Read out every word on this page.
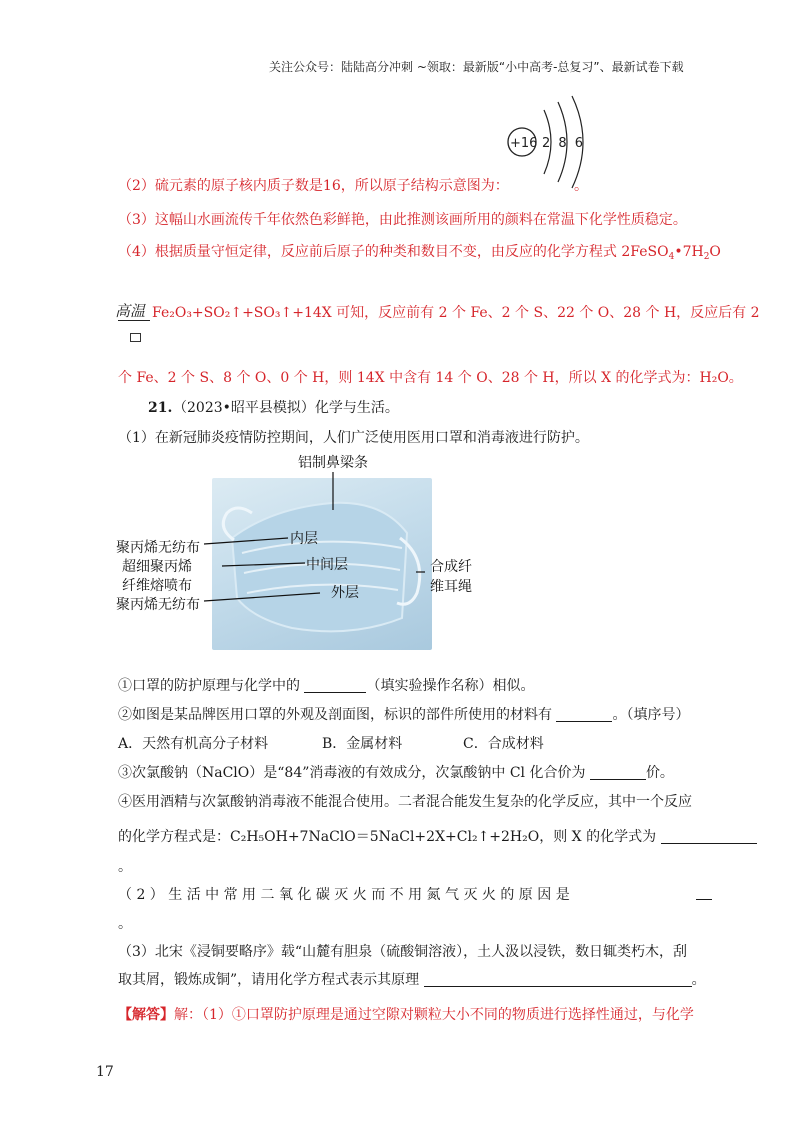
关注公众号：陆陆高分冲刺 ~领取：最新版“小中高考-总复习”、最新试卷下载
+16 2 8 6
（2）硫元素的原子核内质子数是16，所以原子结构示意图为：	。
（3）这幅山水画流传千年依然色彩鲜艳，由此推测该画所用的颜料在常温下化学性质稳定。
（4）根据质量守恒定律，反应前后原子的种类和数目不变，由反应的化学方程式 $2FeSO_4•7H_2O$
高温 Fe₂O₃+SO₂↑+SO₃↑+14X 可知，反应前有 2 个 Fe、2 个 S、22 个 O、28 个 H，反应后有 2
个 Fe、2 个 S、8 个 O、0 个 H，则 14X 中含有 14 个 O、28 个 H，所以 X 的化学式为：H₂O。
21. （2023•昭平县模拟）化学与生活。
（1）在新冠肺炎疫情防控期间，人们广泛使用医用口罩和消毒液进行防护。
铝制鼻梁条
内层
中间层
外层
聚丙烯无纺布
超细聚丙烯
纤维熔喷布
聚丙烯无纺布
合成纤
维耳绳
①口罩的防护原理与化学中的	（填实验操作名称）相似。
②如图是某品牌医用口罩的外观及剖面图，标识的部件所使用的材料有	。（填序号）
A．天然有机高分子材料	B．金属材料	C．合成材料
③次氯酸钠（NaClO）是“84”消毒液的有效成分，次氯酸钠中 Cl 化合价为	价。
④医用酒精与次氯酸钠消毒液不能混合使用。二者混合能发生复杂的化学反应，其中一个反应
的化学方程式是：C₂H₅OH+7NaClO＝5NaCl+2X+Cl₂↑+2H₂O，则 X 的化学式为
。
（ 2 ） 生 活 中 常 用 二 氧 化 碳 灭 火 而 不 用 氮 气 灭 火 的 原 因 是
。
（3）北宋《浸铜要略序》载“山麓有胆泉（硫酸铜溶液），土人汲以浸铁，数日辄类朽木，刮
取其屑，锻炼成铜”，请用化学方程式表示其原理	。
【解答】解：（1）①口罩防护原理是通过空隙对颗粒大小不同的物质进行选择性通过，与化学
17
